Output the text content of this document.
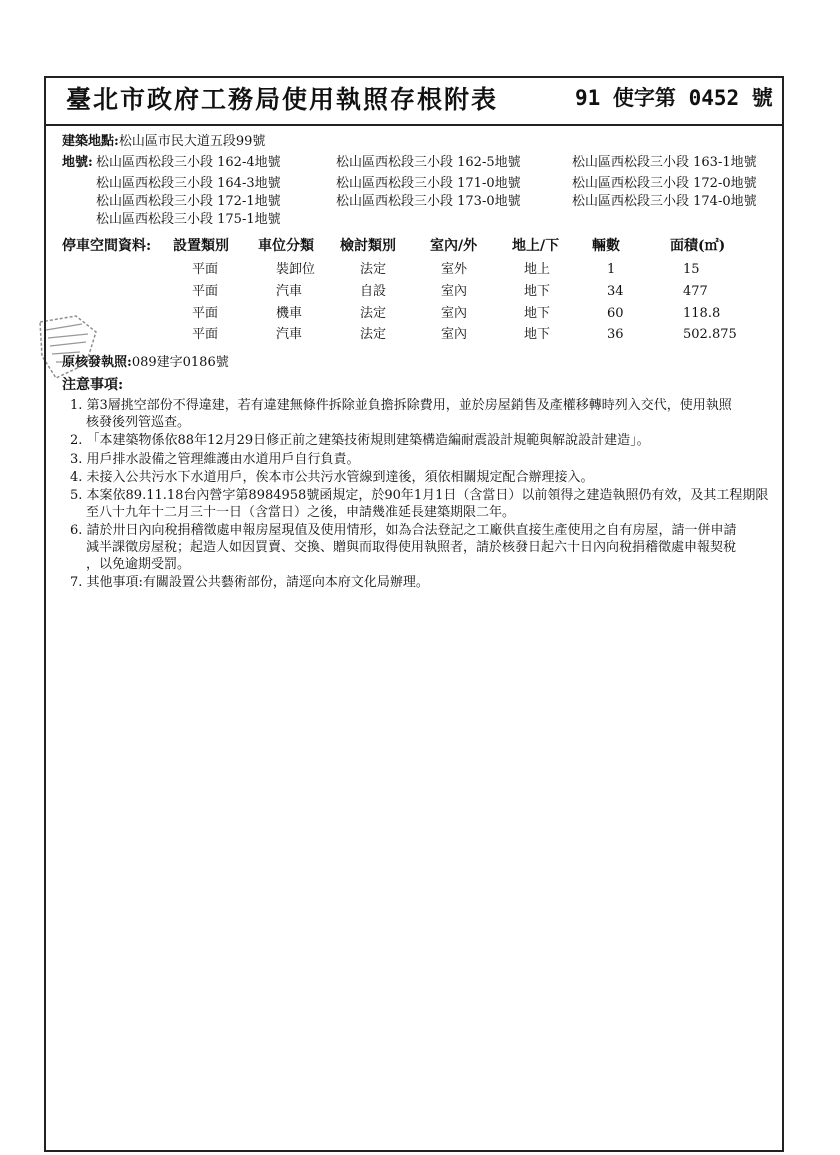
臺北市政府工務局使用執照存根附表	91 使字第 0452 號
建築地點:松山區市民大道五段99號
地號: 松山區西松段三小段 162-4地號	松山區西松段三小段 162-5地號	松山區西松段三小段 163-1地號
松山區西松段三小段 164-3地號	松山區西松段三小段 171-0地號	松山區西松段三小段 172-0地號
松山區西松段三小段 172-1地號	松山區西松段三小段 173-0地號	松山區西松段三小段 174-0地號
松山區西松段三小段 175-1地號
停車空間資料: 設置類別 車位分類 檢討類別 室內/外 地上/下 輛數	面積(㎡)
平面	裝卸位	法定	室外	地上	1	15
平面	汽車	自設	室內	地下	34	477
平面	機車	法定	室內	地下	60	118.8
平面	汽車	法定	室內	地下	36	502.875
原核發執照:089建字0186號
注意事項:
1. 第3層挑空部份不得違建，若有違建無條件拆除並負擔拆除費用，並於房屋銷售及產權移轉時列入交代，使用執照
核發後列管巡查。
2. 「本建築物係依88年12月29日修正前之建築技術規則建築構造編耐震設計規範與解說設計建造」。
3. 用戶排水設備之管理維護由水道用戶自行負責。
4. 未接入公共污水下水道用戶，俟本市公共污水管線到達後，須依相關規定配合辦理接入。
5. 本案依89.11.18台內營字第8984958號函規定，於90年1月1日（含當日）以前領得之建造執照仍有效，及其工程期限
至八十九年十二月三十一日（含當日）之後，申請幾准延長建築期限二年。
6. 請於卅日內向稅捐稽徵處申報房屋現值及使用情形，如為合法登記之工廠供直接生產使用之自有房屋，請一併申請
減半課徵房屋稅；起造人如因買賣、交換、贈與而取得使用執照者，請於核發日起六十日內向稅捐稽徵處申報契稅
，以免逾期受罰。
7. 其他事項:有關設置公共藝術部份，請逕向本府文化局辦理。
